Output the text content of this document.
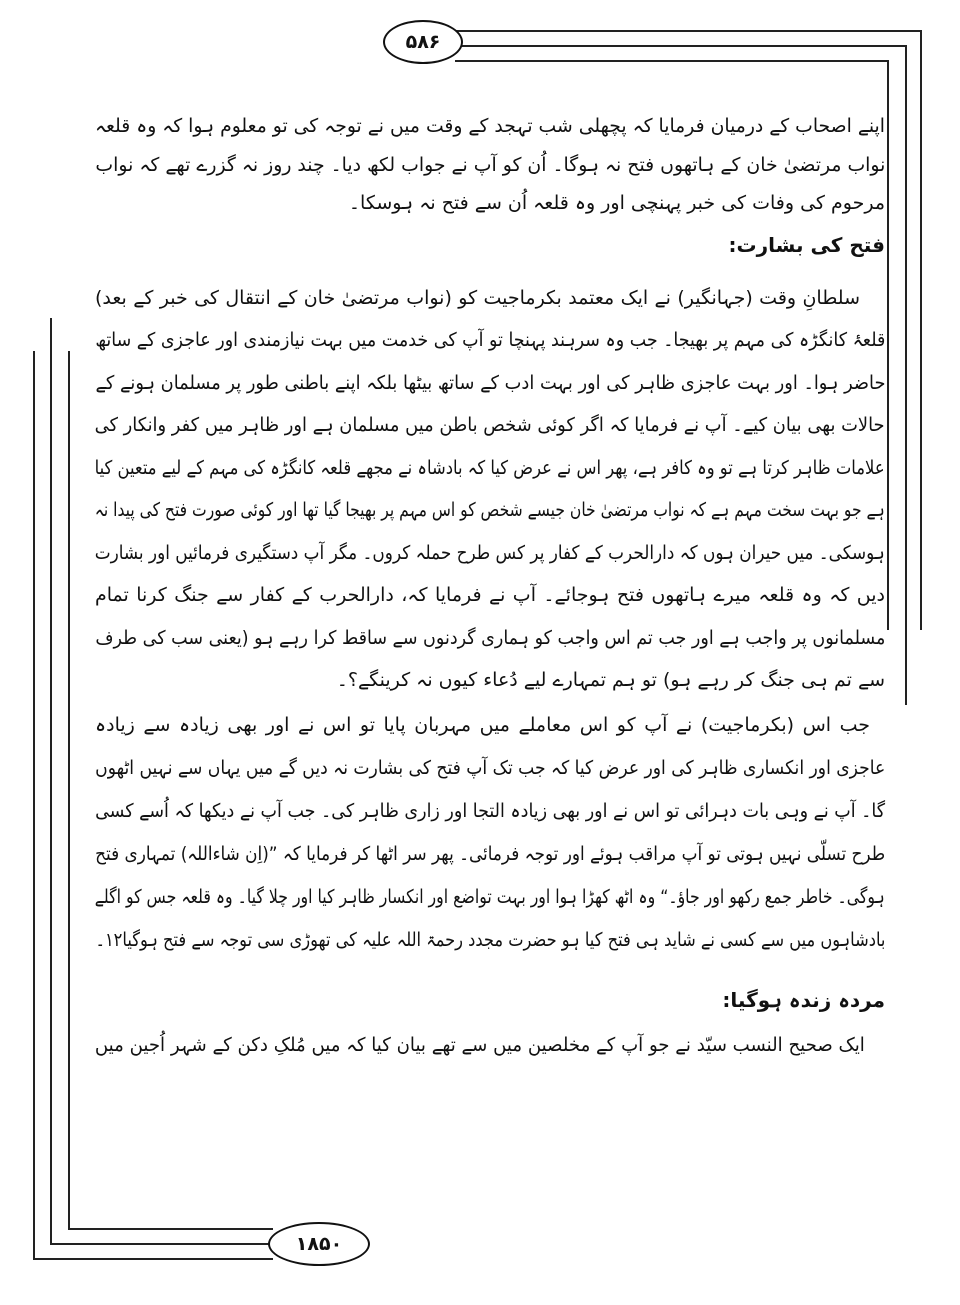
۵۸۶
۱۸۵۰
اپنے اصحاب کے درمیان فرمایا کہ پچھلی شب تہجد کے وقت میں نے توجہ کی تو معلوم ہوا کہ وہ قلعہ
نواب مرتضیٰ خان کے ہاتھوں فتح نہ ہوگا۔ اُن کو آپ نے جواب لکھ دیا۔ چند روز نہ گزرے تھے کہ نواب
مرحوم کی وفات کی خبر پہنچی اور وہ قلعہ اُن سے فتح نہ ہوسکا۔
فتح کی بشارت:
سلطانِ وقت (جہانگیر) نے ایک معتمد بکرماجیت کو (نواب مرتضیٰ خان کے انتقال کی خبر کے بعد)
قلعۂ کانگڑہ کی مہم پر بھیجا۔ جب وہ سرہند پہنچا تو آپ کی خدمت میں بہت نیازمندی اور عاجزی کے ساتھ
حاضر ہوا۔ اور بہت عاجزی ظاہر کی اور بہت ادب کے ساتھ بیٹھا بلکہ اپنے باطنی طور پر مسلمان ہونے کے
حالات بھی بیان کیے۔ آپ نے فرمایا کہ اگر کوئی شخص باطن میں مسلمان ہے اور ظاہر میں کفر وانکار کی
علامات ظاہر کرتا ہے تو وہ کافر ہے، پھر اس نے عرض کیا کہ بادشاہ نے مجھے قلعہ کانگڑہ کی مہم کے لیے متعین کیا
ہے جو بہت سخت مہم ہے کہ نواب مرتضیٰ خان جیسے شخص کو اس مہم پر بھیجا گیا تھا اور کوئی صورت فتح کی پیدا نہ
ہوسکی۔ میں حیران ہوں کہ دارالحرب کے کفار پر کس طرح حملہ کروں۔ مگر آپ دستگیری فرمائیں اور بشارت
دیں کہ وہ قلعہ میرے ہاتھوں فتح ہوجائے۔ آپ نے فرمایا کہ، دارالحرب کے کفار سے جنگ کرنا تمام
مسلمانوں پر واجب ہے اور جب تم اس واجب کو ہماری گردنوں سے ساقط کرا رہے ہو (یعنی سب کی طرف
سے تم ہی جنگ کر رہے ہو) تو ہم تمہارے لیے دُعاء کیوں نہ کرینگے؟۔
جب اس (بکرماجیت) نے آپ کو اس معاملے میں مہربان پایا تو اس نے اور بھی زیادہ سے زیادہ
عاجزی اور انکساری ظاہر کی اور عرض کیا کہ جب تک آپ فتح کی بشارت نہ دیں گے میں یہاں سے نہیں اٹھوں
گا۔ آپ نے وہی بات دہرائی تو اس نے اور بھی زیادہ التجا اور زاری ظاہر کی۔ جب آپ نے دیکھا کہ اُسے کسی
طرح تسلّی نہیں ہوتی تو آپ مراقب ہوئے اور توجہ فرمائی۔ پھر سر اٹھا کر فرمایا کہ ”(اِن شاءاللہ) تمہاری فتح
ہوگی۔ خاطر جمع رکھو اور جاؤ۔“ وہ اٹھ کھڑا ہوا اور بہت تواضع اور انکسار ظاہر کیا اور چلا گیا۔ وہ قلعہ جس کو اگلے
بادشاہوں میں سے کسی نے شاید ہی فتح کیا ہو حضرت مجدد رحمۃ اللہ علیہ کی تھوڑی سی توجہ سے فتح ہوگیا۱۲۔
مردہ زندہ ہوگیا:
ایک صحیح النسب سیّد نے جو آپ کے مخلصین میں سے تھے بیان کیا کہ میں مُلکِ دکن کے شہر اُجین میں
